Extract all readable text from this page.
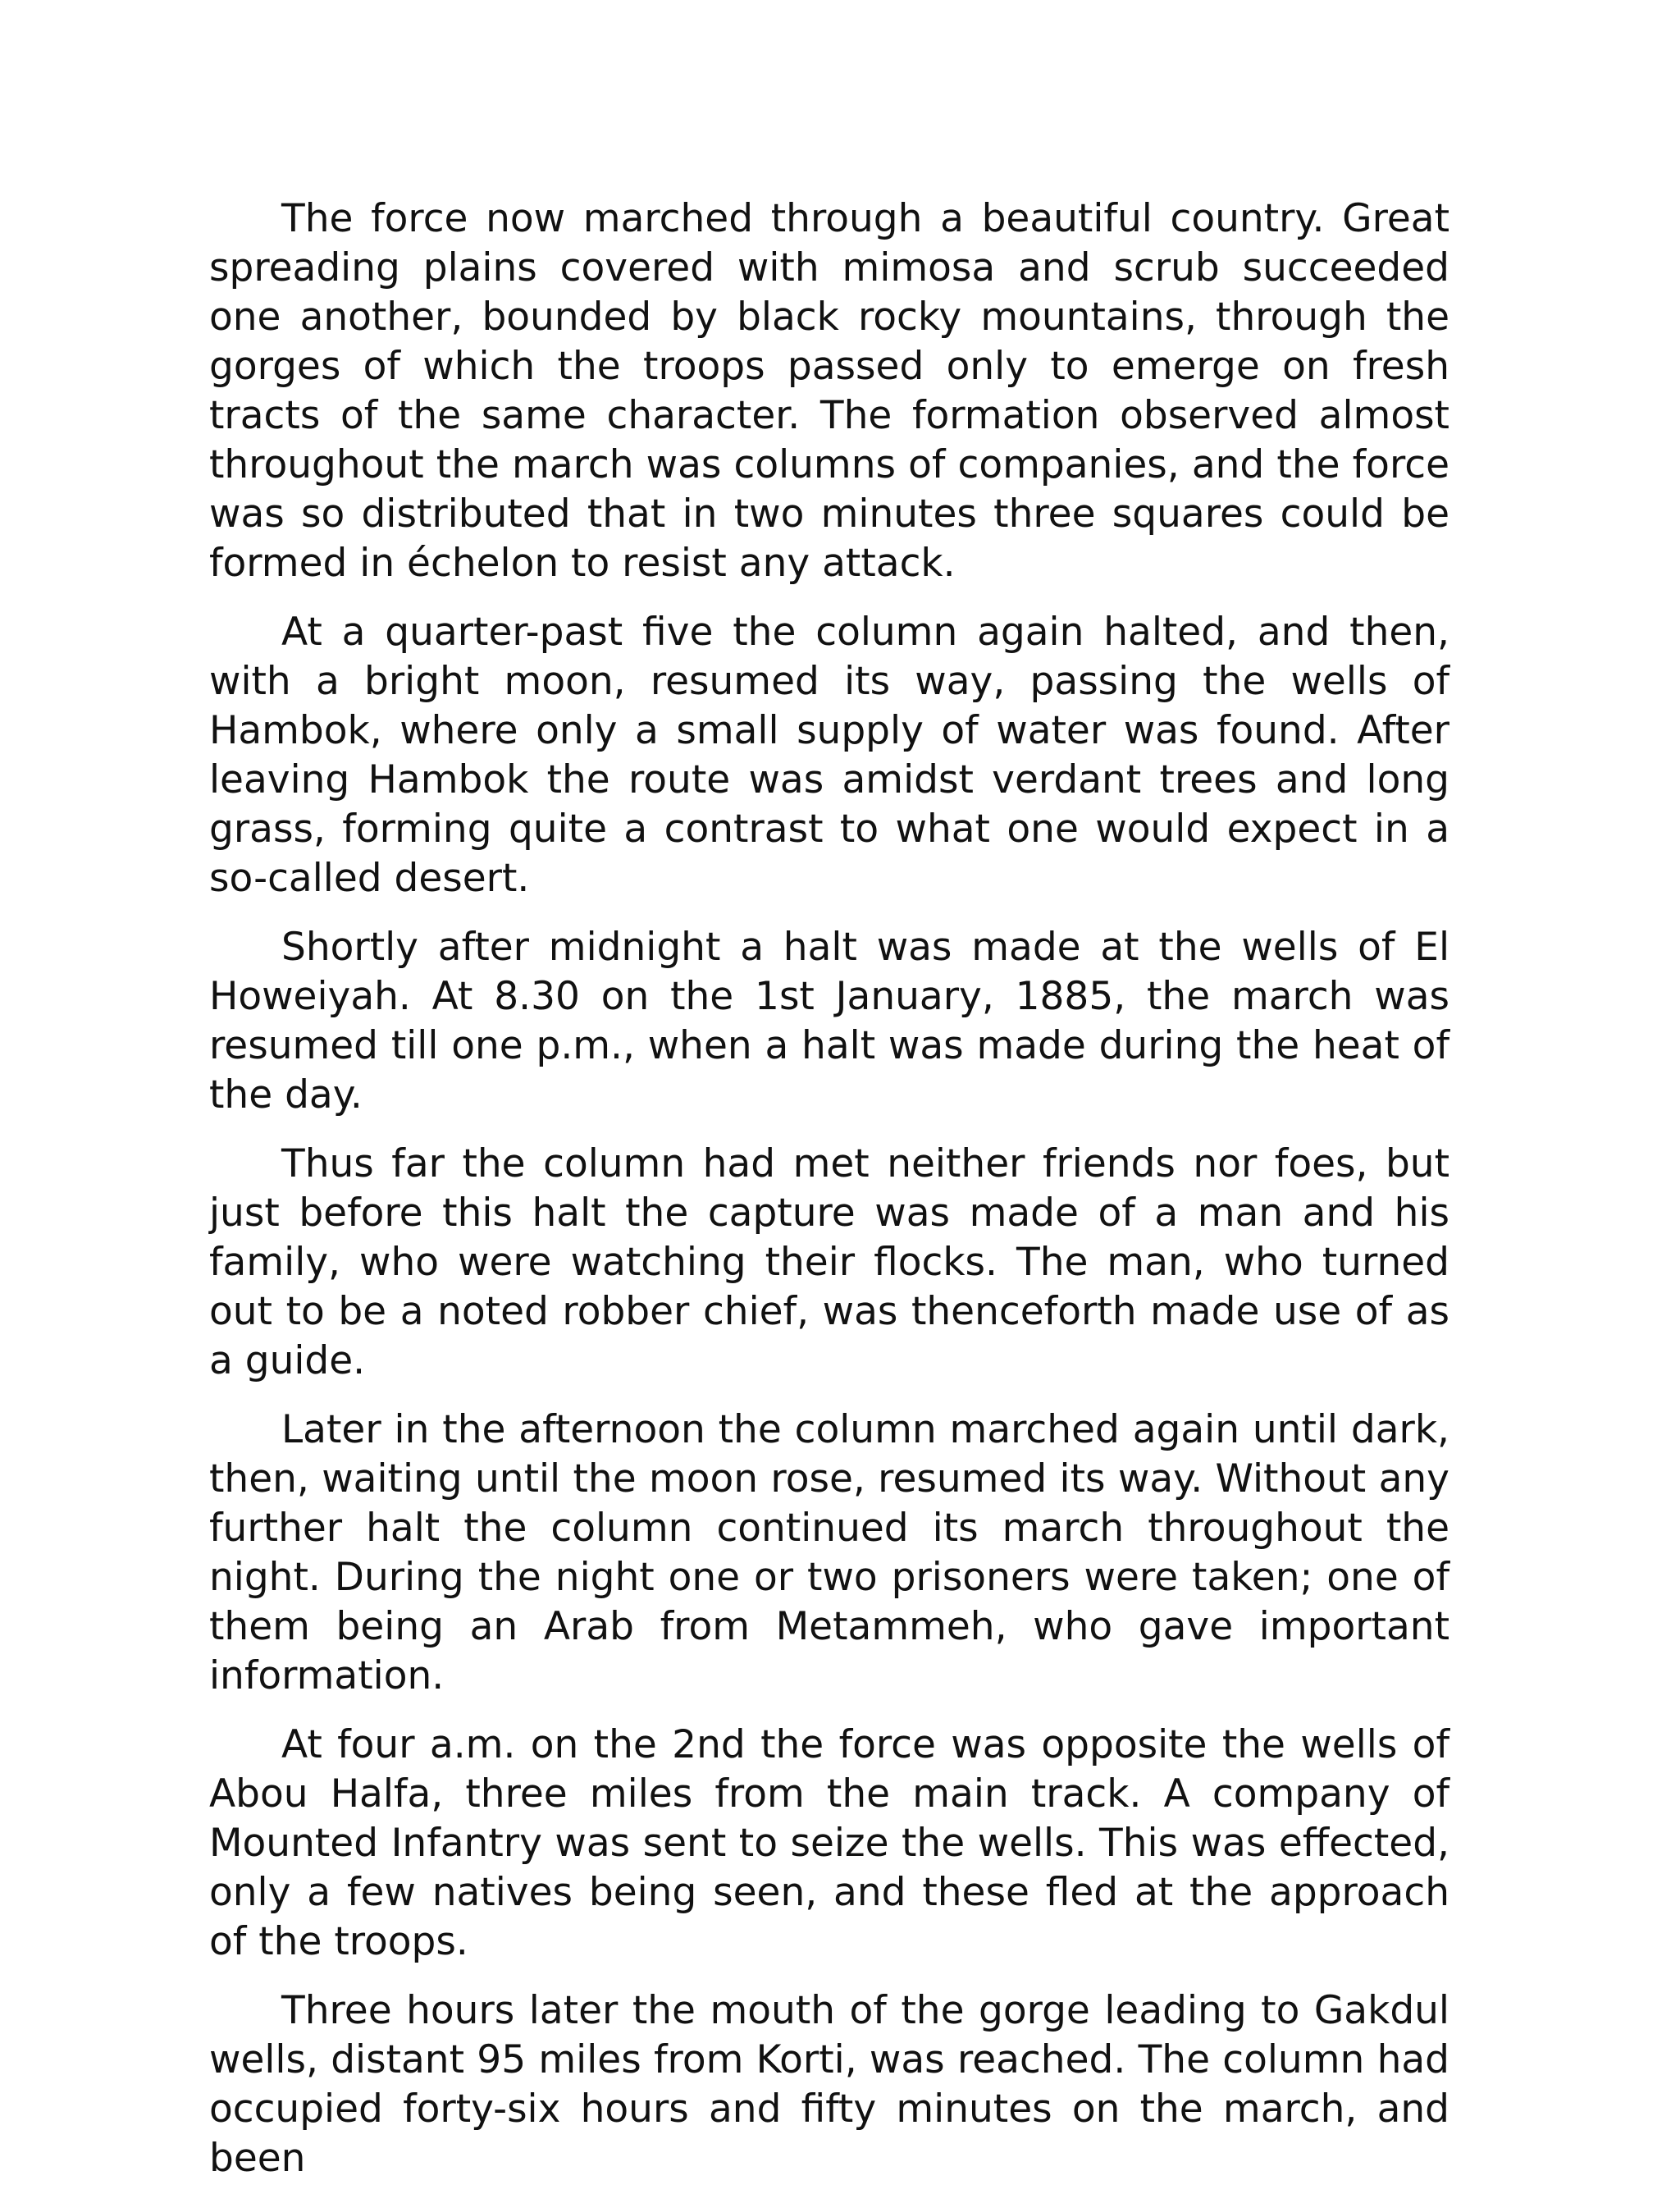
The force now marched through a beautiful country. Great spreading plains covered with mimosa and scrub succeeded one another, bounded by black rocky mountains, through the gorges of which the troops passed only to emerge on fresh tracts of the same character. The formation observed almost throughout the march was columns of companies, and the force was so distributed that in two minutes three squares could be formed in échelon to resist any attack.

At a quarter-past five the column again halted, and then, with a bright moon, resumed its way, passing the wells of Hambok, where only a small supply of water was found. After leaving Hambok the route was amidst verdant trees and long grass, forming quite a contrast to what one would expect in a so-called desert.

Shortly after midnight a halt was made at the wells of El Howeiyah. At 8.30 on the 1st January, 1885, the march was resumed till one p.m., when a halt was made during the heat of the day.

Thus far the column had met neither friends nor foes, but just before this halt the capture was made of a man and his family, who were watching their flocks. The man, who turned out to be a noted robber chief, was thenceforth made use of as a guide.

Later in the afternoon the column marched again until dark, then, waiting until the moon rose, resumed its way. Without any further halt the column continued its march throughout the night. During the night one or two prisoners were taken; one of them being an Arab from Metammeh, who gave important information.

At four a.m. on the 2nd the force was opposite the wells of Abou Halfa, three miles from the main track. A company of Mounted Infantry was sent to seize the wells. This was effected, only a few natives being seen, and these fled at the approach of the troops.

Three hours later the mouth of the gorge leading to Gakdul wells, distant 95 miles from Korti, was reached. The column had occupied forty-six hours and fifty minutes on the march, and been
